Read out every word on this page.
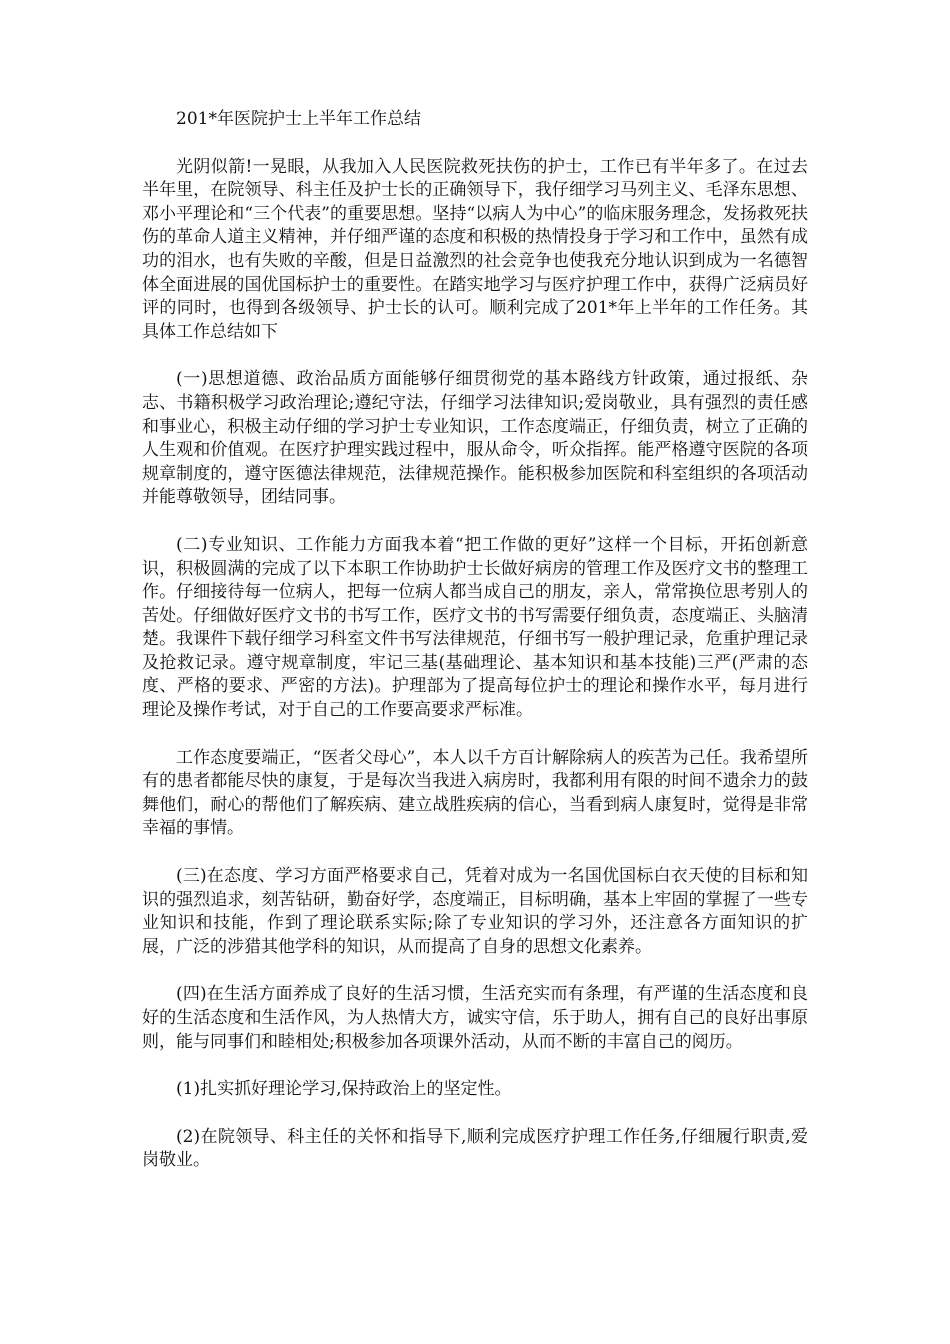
201*年医院护士上半年工作总结

光阴似箭!一晃眼，从我加入人民医院救死扶伤的护士，工作已有半年多了。在过去半年里，在院领导、科主任及护士长的正确领导下，我仔细学习马列主义、毛泽东思想、邓小平理论和“三个代表”的重要思想。坚持“以病人为中心”的临床服务理念，发扬救死扶伤的革命人道主义精神，并仔细严谨的态度和积极的热情投身于学习和工作中，虽然有成功的泪水，也有失败的辛酸，但是日益激烈的社会竞争也使我充分地认识到成为一名德智体全面进展的国优国标护士的重要性。在踏实地学习与医疗护理工作中，获得广泛病员好评的同时，也得到各级领导、护士长的认可。顺利完成了201*年上半年的工作任务。其具体工作总结如下

(一)思想道德、政治品质方面能够仔细贯彻党的基本路线方针政策，通过报纸、杂志、书籍积极学习政治理论;遵纪守法，仔细学习法律知识;爱岗敬业，具有强烈的责任感和事业心，积极主动仔细的学习护士专业知识，工作态度端正，仔细负责，树立了正确的人生观和价值观。在医疗护理实践过程中，服从命令，听众指挥。能严格遵守医院的各项规章制度的，遵守医德法律规范，法律规范操作。能积极参加医院和科室组织的各项活动并能尊敬领导，团结同事。

(二)专业知识、工作能力方面我本着“把工作做的更好”这样一个目标，开拓创新意识，积极圆满的完成了以下本职工作协助护士长做好病房的管理工作及医疗文书的整理工作。仔细接待每一位病人，把每一位病人都当成自己的朋友，亲人，常常换位思考别人的苦处。仔细做好医疗文书的书写工作，医疗文书的书写需要仔细负责，态度端正、头脑清楚。我课件下载仔细学习科室文件书写法律规范，仔细书写一般护理记录，危重护理记录及抢救记录。遵守规章制度，牢记三基(基础理论、基本知识和基本技能)三严(严肃的态度、严格的要求、严密的方法)。护理部为了提高每位护士的理论和操作水平，每月进行理论及操作考试，对于自己的工作要高要求严标准。

工作态度要端正，“医者父母心”，本人以千方百计解除病人的疾苦为己任。我希望所有的患者都能尽快的康复，于是每次当我进入病房时，我都利用有限的时间不遗余力的鼓舞他们，耐心的帮他们了解疾病、建立战胜疾病的信心，当看到病人康复时，觉得是非常幸福的事情。

(三)在态度、学习方面严格要求自己，凭着对成为一名国优国标白衣天使的目标和知识的强烈追求，刻苦钻研，勤奋好学，态度端正，目标明确，基本上牢固的掌握了一些专业知识和技能，作到了理论联系实际;除了专业知识的学习外，还注意各方面知识的扩展，广泛的涉猎其他学科的知识，从而提高了自身的思想文化素养。

(四)在生活方面养成了良好的生活习惯，生活充实而有条理，有严谨的生活态度和良好的生活态度和生活作风，为人热情大方，诚实守信，乐于助人，拥有自己的良好出事原则，能与同事们和睦相处;积极参加各项课外活动，从而不断的丰富自己的阅历。

(1)扎实抓好理论学习,保持政治上的坚定性。

(2)在院领导、科主任的关怀和指导下,顺利完成医疗护理工作任务,仔细履行职责,爱岗敬业。
